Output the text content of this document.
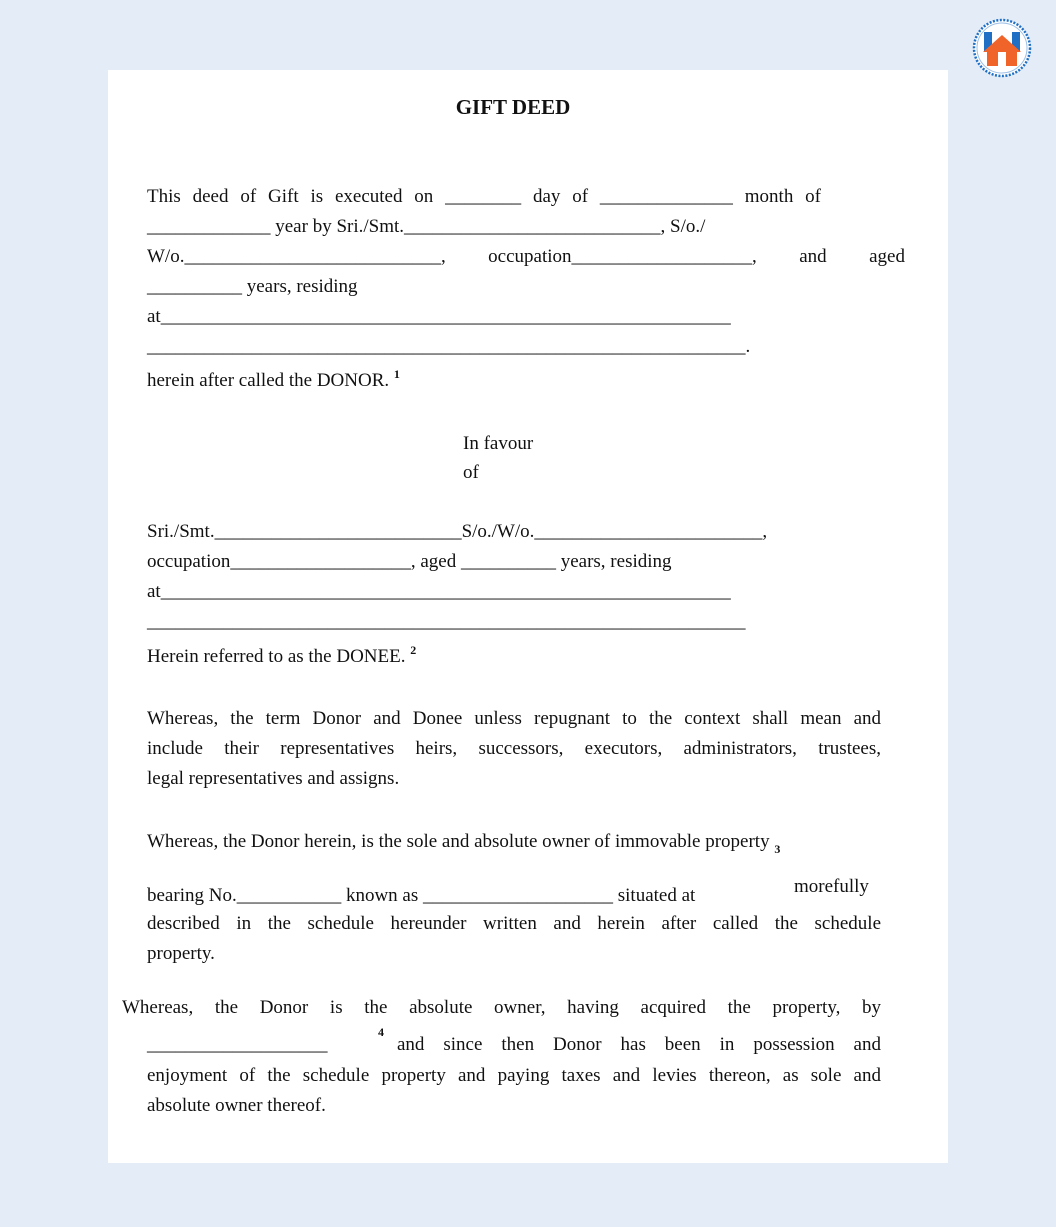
GIFT DEED
This deed of Gift is executed on ________ day of ______________ month of
_____________ year by Sri./Smt.___________________________, S/o./
W/o.___________________________, occupation___________________, and aged
__________ years, residing
at____________________________________________________________
_______________________________________________________________.
herein after called the DONOR. $^1$
In favour
of
Sri./Smt.__________________________S/o./W/o.________________________,
occupation___________________, aged __________ years, residing
at____________________________________________________________
_______________________________________________________________
Herein referred to as the DONEE. $^2$
Whereas, the term Donor and Donee unless repugnant to the context shall mean and
include their representatives heirs, successors, executors, administrators, trustees,
legal representatives and assigns.
Whereas, the Donor herein, is the sole and absolute owner of immovable property $_3$
bearing No.___________ known as ____________________ situated at	morefully
described in the schedule hereunder written and herein after called the schedule
property.
Whereas, the Donor is the absolute owner, having acquired the property, by
___________________
$^4$
and since then Donor has been in possession and
enjoyment of the schedule property and paying taxes and levies thereon, as sole and
absolute owner thereof.
